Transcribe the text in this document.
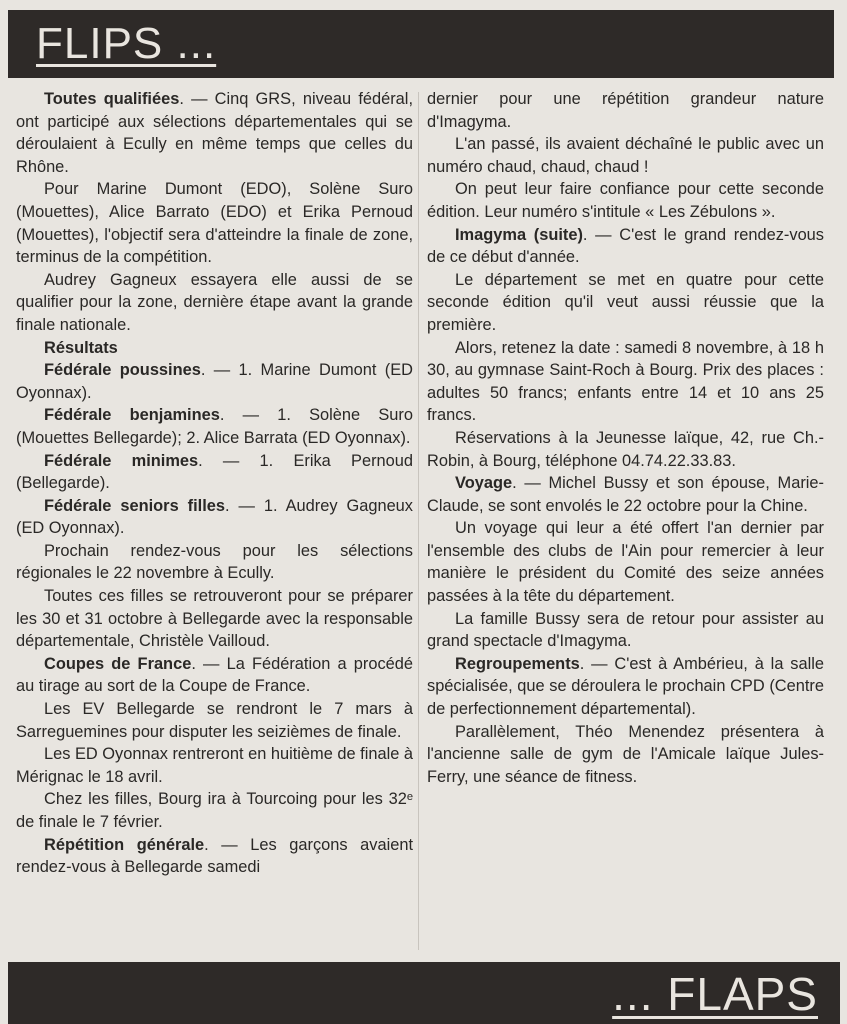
FLIPS ...

Toutes qualifiées. — Cinq GRS, niveau fédéral, ont participé aux sélections départementales qui se déroulaient à Ecully en même temps que celles du Rhône.

Pour Marine Dumont (EDO), Solène Suro (Mouettes), Alice Barrato (EDO) et Erika Pernoud (Mouettes), l'objectif sera d'atteindre la finale de zone, terminus de la compétition.

Audrey Gagneux essayera elle aussi de se qualifier pour la zone, dernière étape avant la grande finale nationale.

Résultats

Fédérale poussines. — 1. Marine Dumont (ED Oyonnax).

Fédérale benjamines. — 1. Solène Suro (Mouettes Bellegarde); 2. Alice Barrata (ED Oyonnax).

Fédérale minimes. — 1. Erika Pernoud (Bellegarde).

Fédérale seniors filles. — 1. Audrey Gagneux (ED Oyonnax).

Prochain rendez-vous pour les sélections régionales le 22 novembre à Ecully.

Toutes ces filles se retrouveront pour se préparer les 30 et 31 octobre à Bellegarde avec la responsable départementale, Christèle Vailloud.

Coupes de France. — La Fédération a procédé au tirage au sort de la Coupe de France.

Les EV Bellegarde se rendront le 7 mars à Sarreguemines pour disputer les seizièmes de finale.

Les ED Oyonnax rentreront en huitième de finale à Mérignac le 18 avril.

Chez les filles, Bourg ira à Tourcoing pour les 32ᵉ de finale le 7 février.

Répétition générale. — Les garçons avaient rendez-vous à Bellegarde samedi

dernier pour une répétition grandeur nature d'Imagyma.

L'an passé, ils avaient déchaîné le public avec un numéro chaud, chaud, chaud !

On peut leur faire confiance pour cette seconde édition. Leur numéro s'intitule « Les Zébulons ».

Imagyma (suite). — C'est le grand rendez-vous de ce début d'année.

Le département se met en quatre pour cette seconde édition qu'il veut aussi réussie que la première.

Alors, retenez la date : samedi 8 novembre, à 18 h 30, au gymnase Saint-Roch à Bourg. Prix des places : adultes 50 francs; enfants entre 14 et 10 ans 25 francs.

Réservations à la Jeunesse laïque, 42, rue Ch.-Robin, à Bourg, téléphone 04.74.22.33.83.

Voyage. — Michel Bussy et son épouse, Marie-Claude, se sont envolés le 22 octobre pour la Chine.

Un voyage qui leur a été offert l'an dernier par l'ensemble des clubs de l'Ain pour remercier à leur manière le président du Comité des seize années passées à la tête du département.

La famille Bussy sera de retour pour assister au grand spectacle d'Imagyma.

Regroupements. — C'est à Ambérieu, à la salle spécialisée, que se déroulera le prochain CPD (Centre de perfectionnement départemental).

Parallèlement, Théo Menendez présentera à l'ancienne salle de gym de l'Amicale laïque Jules-Ferry, une séance de fitness.

... FLAPS
